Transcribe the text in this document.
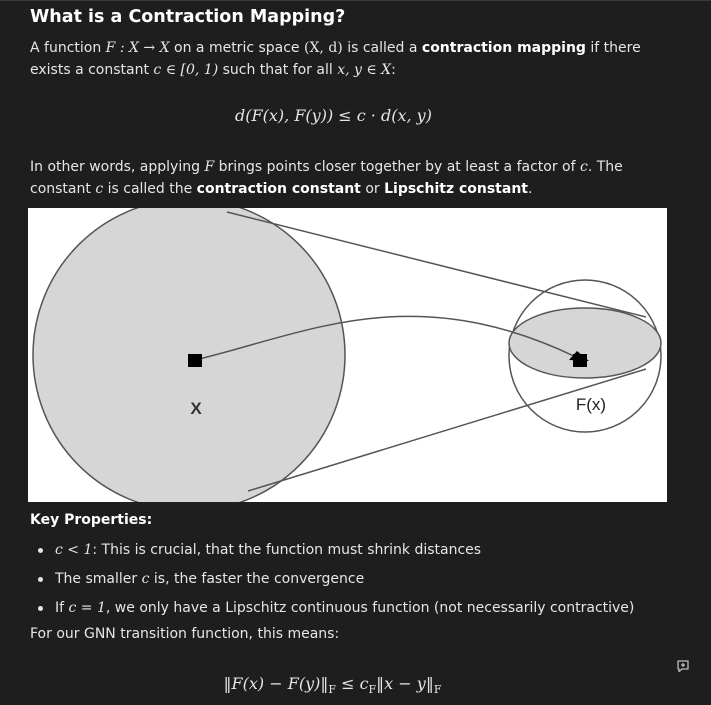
What is a Contraction Mapping?
A function F : X → X on a metric space (X, d) is called a contraction mapping if there
exists a constant c ∈ [0, 1) such that for all x, y ∈ X:
d(F(x), F(y)) ≤ c · d(x, y)
In other words, applying F brings points closer together by at least a factor of c. The
constant c is called the contraction constant or Lipschitz constant.
X	F(x)
Key Properties:
c < 1: This is crucial, that the function must shrink distances
The smaller c is, the faster the convergence
If c = 1, we only have a Lipschitz continuous function (not necessarily contractive)
For our GNN transition function, this means:
‖F(x) − $F(y)‖_F$ ≤ $c_F‖x$ − $y‖_F$
